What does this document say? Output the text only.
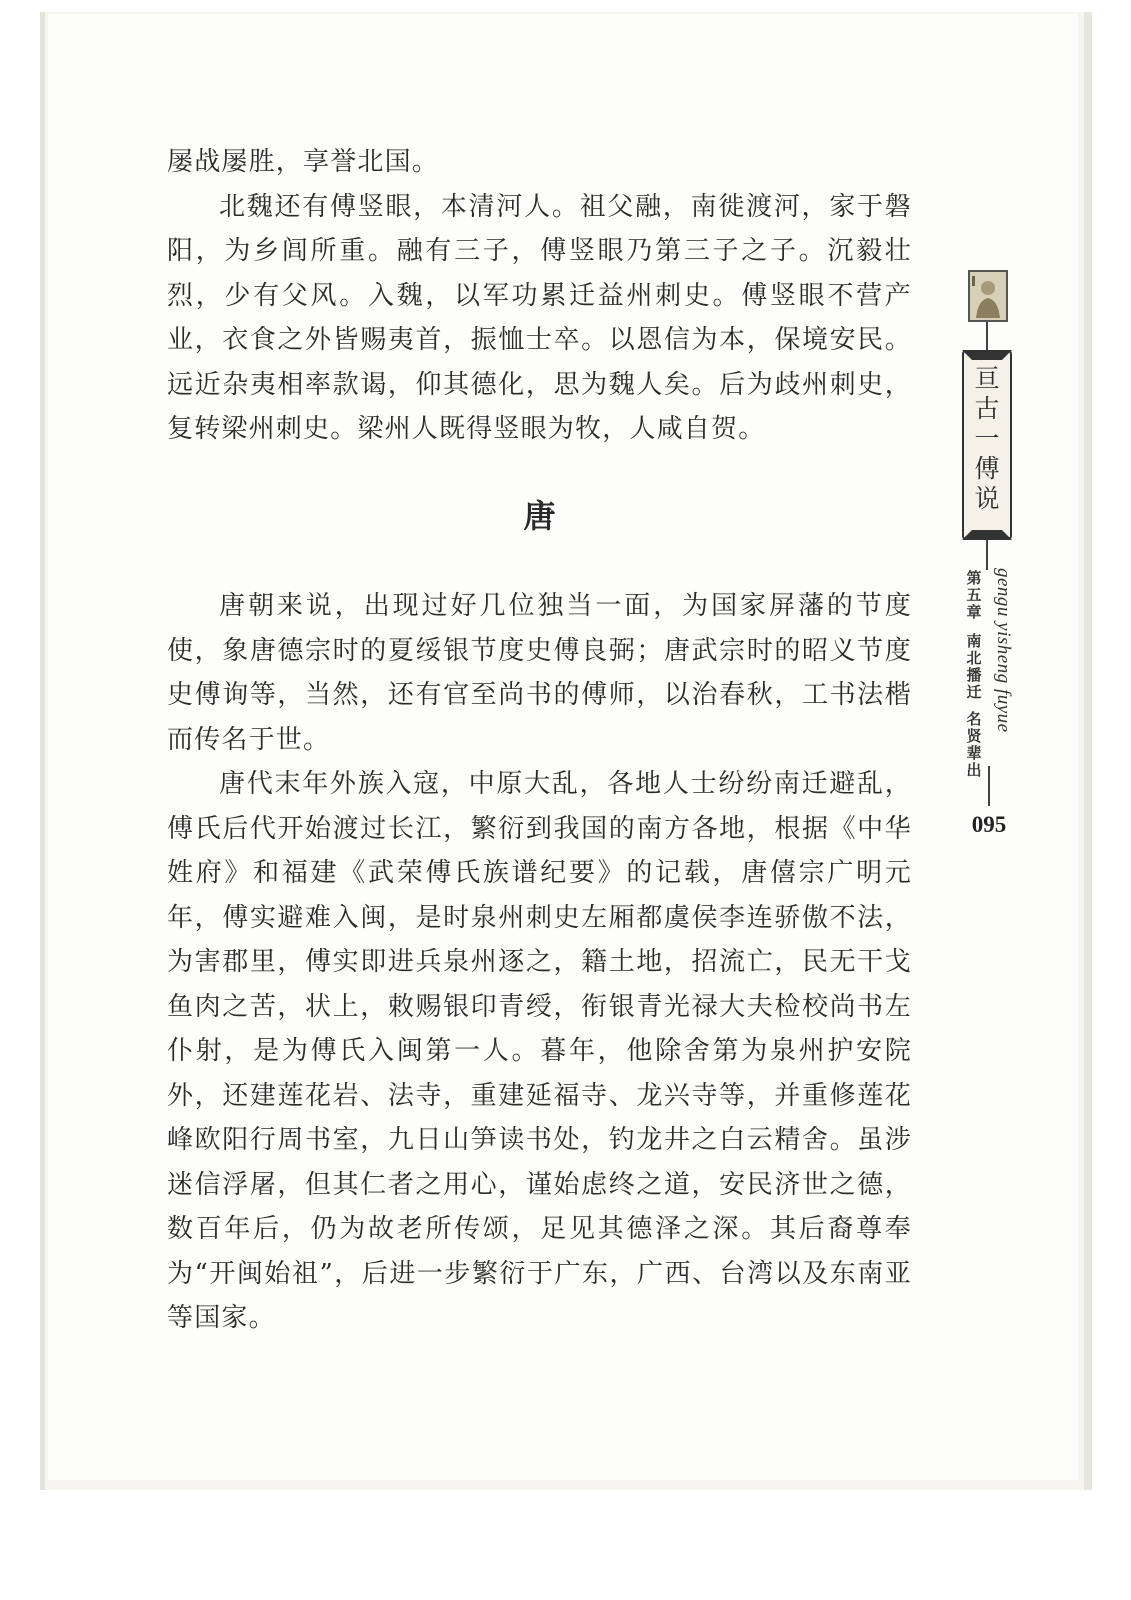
屡战屡胜，享誉北国。

北魏还有傅竖眼，本清河人。祖父融，南徙渡河，家于磐阳，为乡闾所重。融有三子，傅竖眼乃第三子之子。沉毅壮烈，少有父风。入魏，以军功累迁益州刺史。傅竖眼不营产业，衣食之外皆赐夷首，振恤士卒。以恩信为本，保境安民。远近杂夷相率款谒，仰其德化，思为魏人矣。后为歧州刺史，复转梁州刺史。梁州人既得竖眼为牧，人咸自贺。

唐

唐朝来说，出现过好几位独当一面，为国家屏藩的节度使，象唐德宗时的夏绥银节度史傅良弼；唐武宗时的昭义节度史傅询等，当然，还有官至尚书的傅师，以治春秋，工书法楷而传名于世。

唐代末年外族入寇，中原大乱，各地人士纷纷南迁避乱，傅氏后代开始渡过长江，繁衍到我国的南方各地，根据《中华姓府》和福建《武荣傅氏族谱纪要》的记载，唐僖宗广明元年，傅实避难入闽，是时泉州刺史左厢都虞侯李连骄傲不法，为害郡里，傅实即进兵泉州逐之，籍土地，招流亡，民无干戈鱼肉之苦，状上，敕赐银印青绶，衔银青光禄大夫检校尚书左仆射，是为傅氏入闽第一人。暮年，他除舍第为泉州护安院外，还建莲花岩、法寺，重建延福寺、龙兴寺等，并重修莲花峰欧阳行周书室，九日山笋读书处，钓龙井之白云精舍。虽涉迷信浮屠，但其仁者之用心，谨始虑终之道，安民济世之德，数百年后，仍为故老所传颂，足见其德泽之深。其后裔尊奉为“开闽始祖”，后进一步繁衍于广东，广西、台湾以及东南亚等国家。

亘
古
一
傅
说
第
五
章
南
北
播
迁
名
贤
辈
出
gengu yisheng fuyue
095
